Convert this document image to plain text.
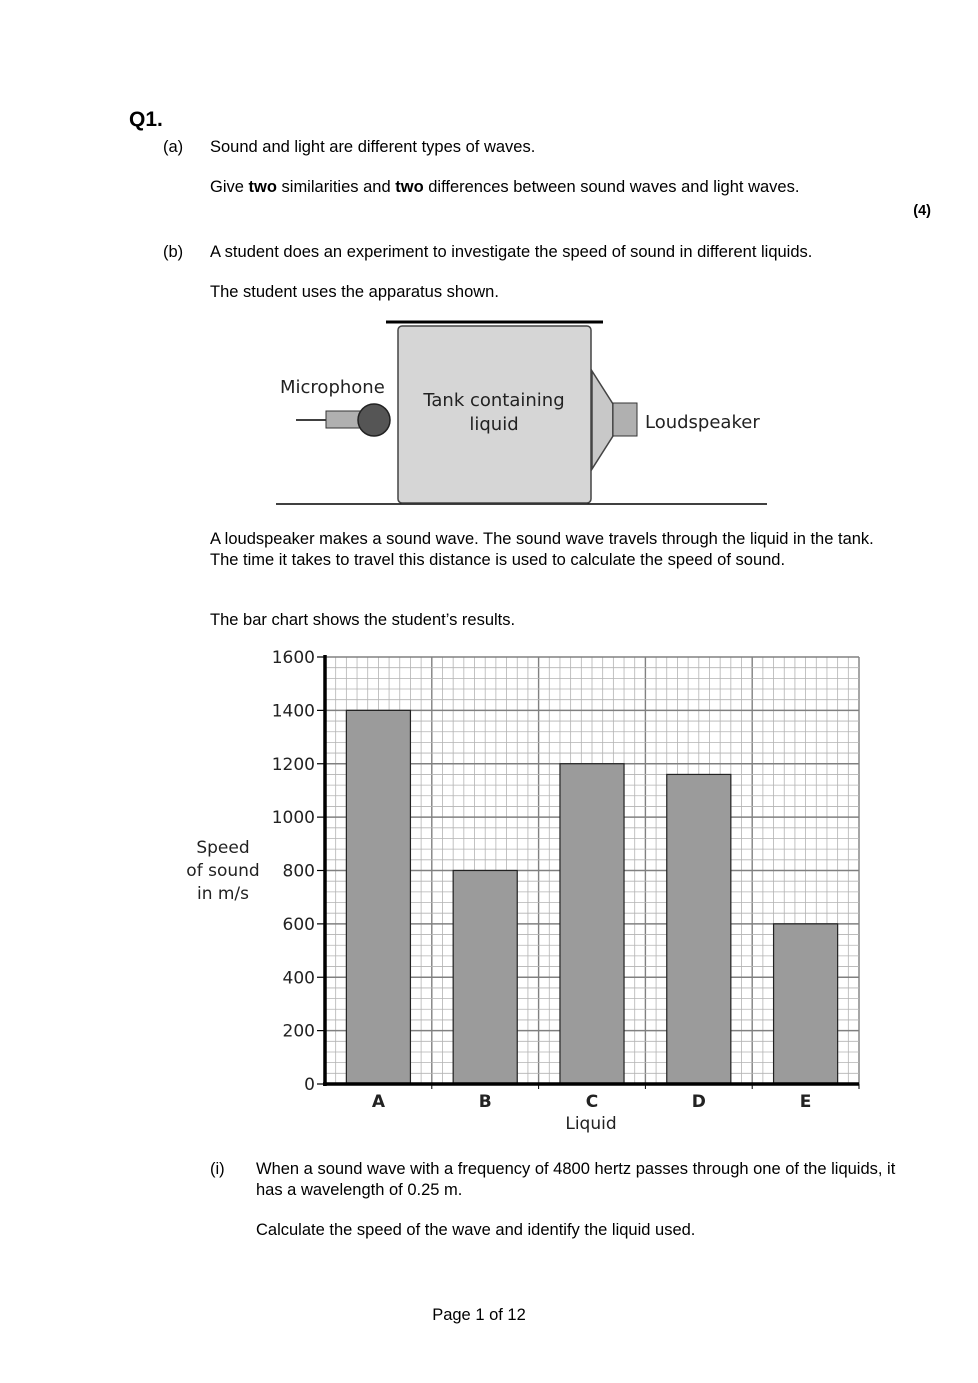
Q1.
(a) Sound and light are different types of waves.
Give two similarities and two differences between sound waves and light waves.
(4)
(b) A student does an experiment to investigate the speed of sound in different liquids.
The student uses the apparatus shown.
Tank containing
liquid
Microphone
Loudspeaker
A loudspeaker makes a sound wave. The sound wave travels through the liquid in the tank. The time it takes to travel this distance is used to calculate the speed of sound.
The bar chart shows the student’s results.
0
200
400
600
800
1000
1200
1400
1600
A	B	C	D	E
Speed
of sound
in m/s
Liquid
(i) When a sound wave with a frequency of 4800 hertz passes through one of the liquids, it has a wavelength of 0.25 m.
Calculate the speed of the wave and identify the liquid used.
Page 1 of 12
